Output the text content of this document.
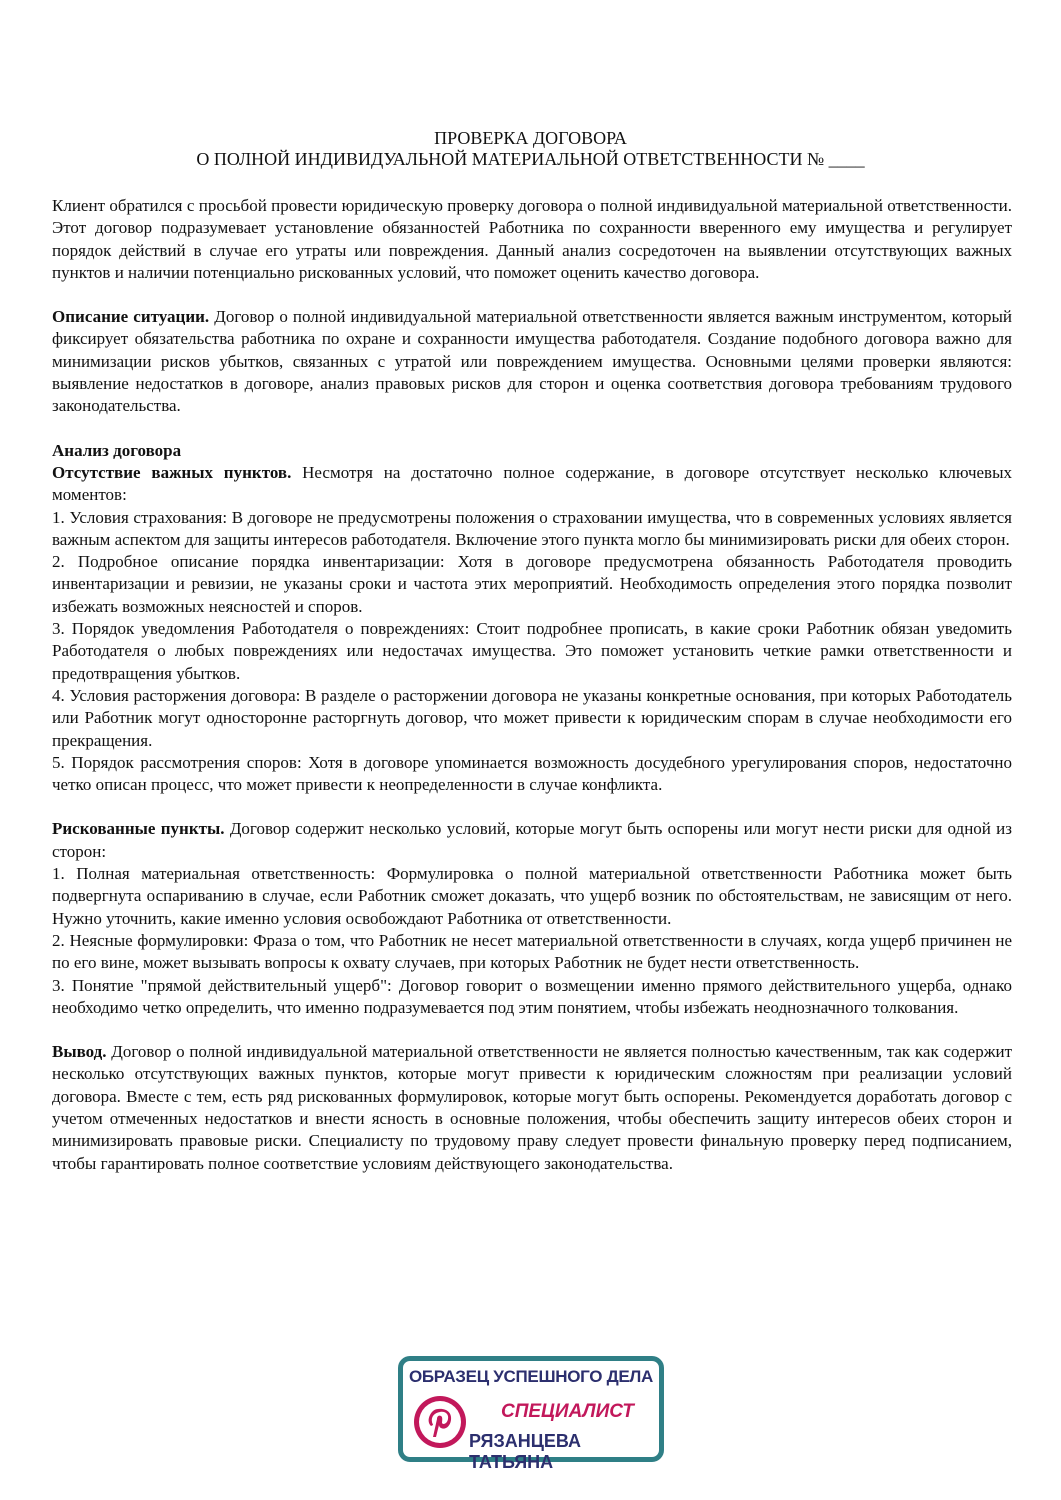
ПРОВЕРКА ДОГОВОРА
О ПОЛНОЙ ИНДИВИДУАЛЬНОЙ МАТЕРИАЛЬНОЙ ОТВЕТСТВЕННОСТИ № ____

Клиент обратился с просьбой провести юридическую проверку договора о полной индивидуальной материальной ответственности. Этот договор подразумевает установление обязанностей Работника по сохранности вверенного ему имущества и регулирует порядок действий в случае его утраты или повреждения. Данный анализ сосредоточен на выявлении отсутствующих важных пунктов и наличии потенциально рискованных условий, что поможет оценить качество договора.

Описание ситуации. Договор о полной индивидуальной материальной ответственности является важным инструментом, который фиксирует обязательства работника по охране и сохранности имущества работодателя. Создание подобного договора важно для минимизации рисков убытков, связанных с утратой или повреждением имущества. Основными целями проверки являются: выявление недостатков в договоре, анализ правовых рисков для сторон и оценка соответствия договора требованиям трудового законодательства.

Анализ договора

Отсутствие важных пунктов. Несмотря на достаточно полное содержание, в договоре отсутствует несколько ключевых моментов:

1. Условия страхования: В договоре не предусмотрены положения о страховании имущества, что в современных условиях является важным аспектом для защиты интересов работодателя. Включение этого пункта могло бы минимизировать риски для обеих сторон.

2. Подробное описание порядка инвентаризации: Хотя в договоре предусмотрена обязанность Работодателя проводить инвентаризации и ревизии, не указаны сроки и частота этих мероприятий. Необходимость определения этого порядка позволит избежать возможных неясностей и споров.

3. Порядок уведомления Работодателя о повреждениях: Стоит подробнее прописать, в какие сроки Работник обязан уведомить Работодателя о любых повреждениях или недостачах имущества. Это поможет установить четкие рамки ответственности и предотвращения убытков.

4. Условия расторжения договора: В разделе о расторжении договора не указаны конкретные основания, при которых Работодатель или Работник могут односторонне расторгнуть договор, что может привести к юридическим спорам в случае необходимости его прекращения.

5. Порядок рассмотрения споров: Хотя в договоре упоминается возможность досудебного урегулирования споров, недостаточно четко описан процесс, что может привести к неопределенности в случае конфликта.

Рискованные пункты. Договор содержит несколько условий, которые могут быть оспорены или могут нести риски для одной из сторон:

1. Полная материальная ответственность: Формулировка о полной материальной ответственности Работника может быть подвергнута оспариванию в случае, если Работник сможет доказать, что ущерб возник по обстоятельствам, не зависящим от него. Нужно уточнить, какие именно условия освобождают Работника от ответственности.

2. Неясные формулировки: Фраза о том, что Работник не несет материальной ответственности в случаях, когда ущерб причинен не по его вине, может вызывать вопросы к охвату случаев, при которых Работник не будет нести ответственность.

3. Понятие "прямой действительный ущерб": Договор говорит о возмещении именно прямого действительного ущерба, однако необходимо четко определить, что именно подразумевается под этим понятием, чтобы избежать неоднозначного толкования.

Вывод. Договор о полной индивидуальной материальной ответственности не является полностью качественным, так как содержит несколько отсутствующих важных пунктов, которые могут привести к юридическим сложностям при реализации условий договора. Вместе с тем, есть ряд рискованных формулировок, которые могут быть оспорены. Рекомендуется доработать договор с учетом отмеченных недостатков и внести ясность в основные положения, чтобы обеспечить защиту интересов обеих сторон и минимизировать правовые риски. Специалисту по трудовому праву следует провести финальную проверку перед подписанием, чтобы гарантировать полное соответствие условиям действующего законодательства.

ОБРАЗЕЦ УСПЕШНОГО ДЕЛА
СПЕЦИАЛИСТ
РЯЗАНЦЕВА ТАТЬЯНА
